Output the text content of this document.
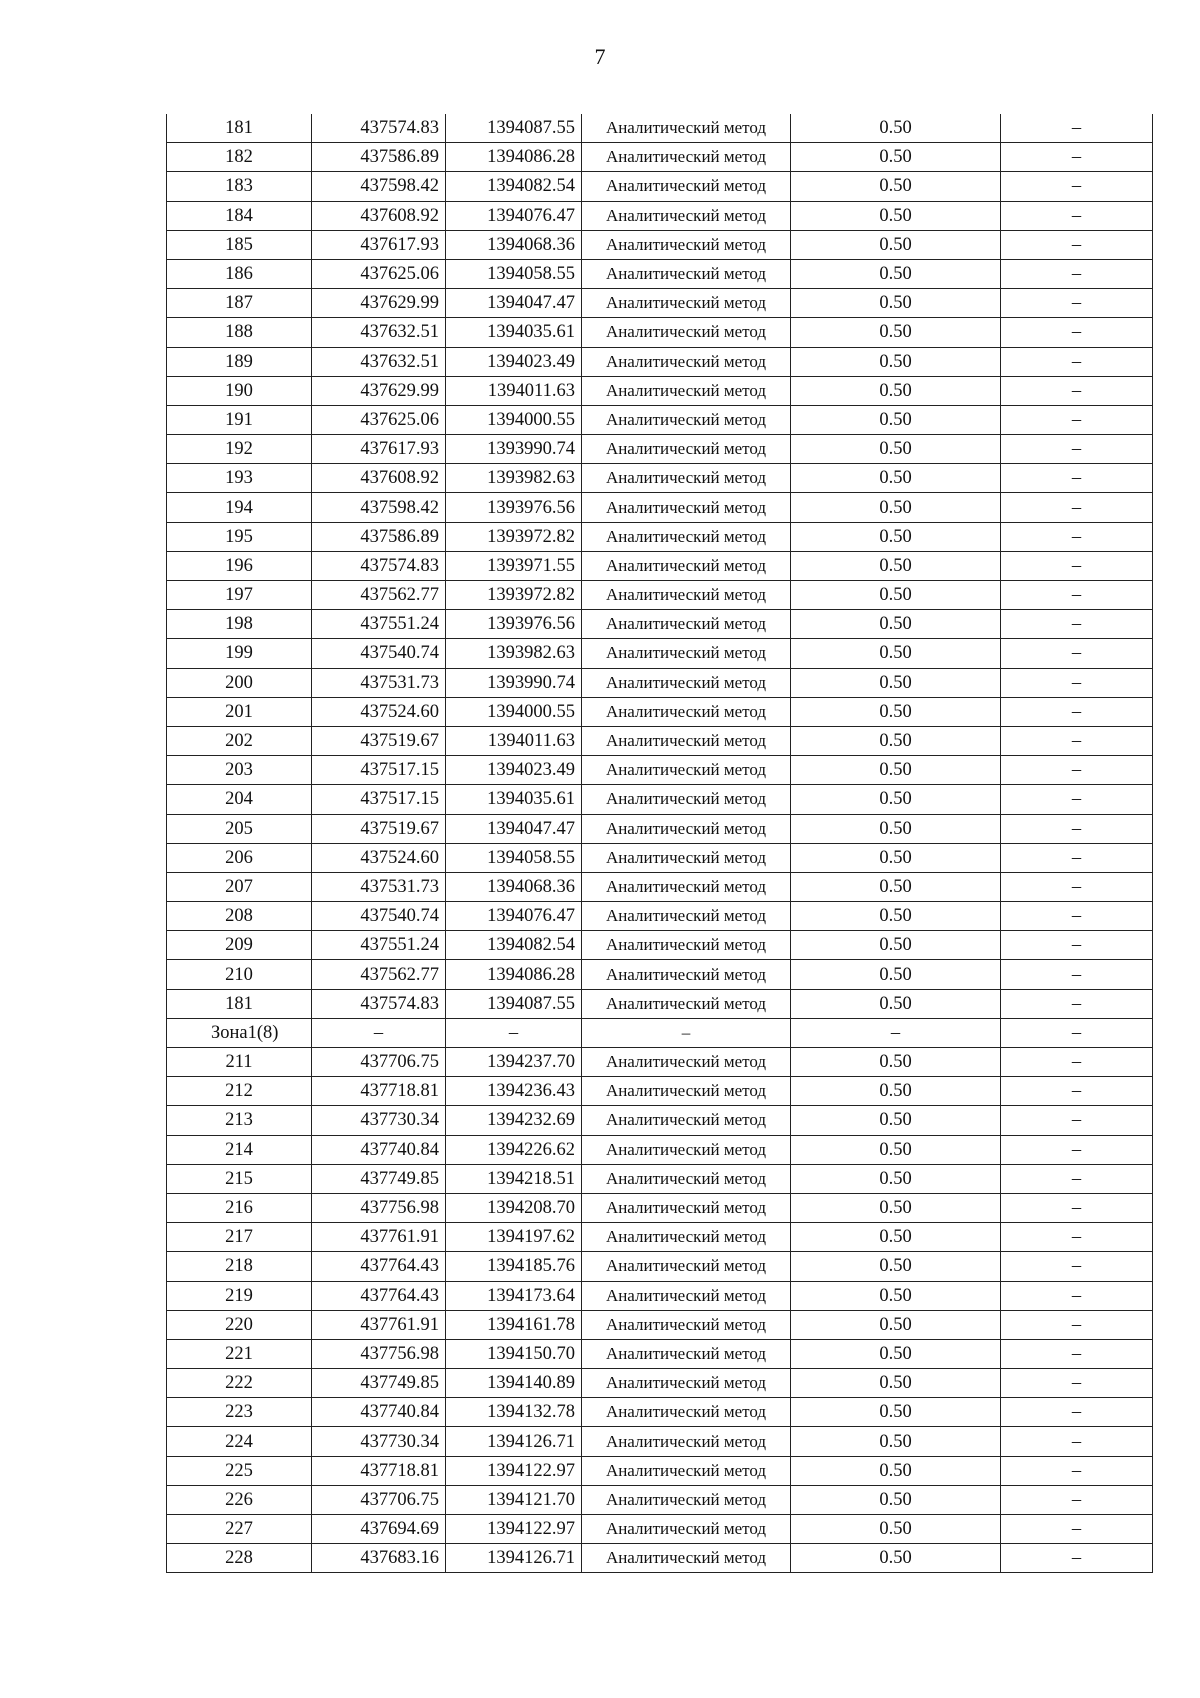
7
181	437574.83	1394087.55	Аналитический метод	0.50	–
182	437586.89	1394086.28	Аналитический метод	0.50	–
183	437598.42	1394082.54	Аналитический метод	0.50	–
184	437608.92	1394076.47	Аналитический метод	0.50	–
185	437617.93	1394068.36	Аналитический метод	0.50	–
186	437625.06	1394058.55	Аналитический метод	0.50	–
187	437629.99	1394047.47	Аналитический метод	0.50	–
188	437632.51	1394035.61	Аналитический метод	0.50	–
189	437632.51	1394023.49	Аналитический метод	0.50	–
190	437629.99	1394011.63	Аналитический метод	0.50	–
191	437625.06	1394000.55	Аналитический метод	0.50	–
192	437617.93	1393990.74	Аналитический метод	0.50	–
193	437608.92	1393982.63	Аналитический метод	0.50	–
194	437598.42	1393976.56	Аналитический метод	0.50	–
195	437586.89	1393972.82	Аналитический метод	0.50	–
196	437574.83	1393971.55	Аналитический метод	0.50	–
197	437562.77	1393972.82	Аналитический метод	0.50	–
198	437551.24	1393976.56	Аналитический метод	0.50	–
199	437540.74	1393982.63	Аналитический метод	0.50	–
200	437531.73	1393990.74	Аналитический метод	0.50	–
201	437524.60	1394000.55	Аналитический метод	0.50	–
202	437519.67	1394011.63	Аналитический метод	0.50	–
203	437517.15	1394023.49	Аналитический метод	0.50	–
204	437517.15	1394035.61	Аналитический метод	0.50	–
205	437519.67	1394047.47	Аналитический метод	0.50	–
206	437524.60	1394058.55	Аналитический метод	0.50	–
207	437531.73	1394068.36	Аналитический метод	0.50	–
208	437540.74	1394076.47	Аналитический метод	0.50	–
209	437551.24	1394082.54	Аналитический метод	0.50	–
210	437562.77	1394086.28	Аналитический метод	0.50	–
181	437574.83	1394087.55	Аналитический метод	0.50	–
Зона1(8)	–	–	–	–	–
211	437706.75	1394237.70	Аналитический метод	0.50	–
212	437718.81	1394236.43	Аналитический метод	0.50	–
213	437730.34	1394232.69	Аналитический метод	0.50	–
214	437740.84	1394226.62	Аналитический метод	0.50	–
215	437749.85	1394218.51	Аналитический метод	0.50	–
216	437756.98	1394208.70	Аналитический метод	0.50	–
217	437761.91	1394197.62	Аналитический метод	0.50	–
218	437764.43	1394185.76	Аналитический метод	0.50	–
219	437764.43	1394173.64	Аналитический метод	0.50	–
220	437761.91	1394161.78	Аналитический метод	0.50	–
221	437756.98	1394150.70	Аналитический метод	0.50	–
222	437749.85	1394140.89	Аналитический метод	0.50	–
223	437740.84	1394132.78	Аналитический метод	0.50	–
224	437730.34	1394126.71	Аналитический метод	0.50	–
225	437718.81	1394122.97	Аналитический метод	0.50	–
226	437706.75	1394121.70	Аналитический метод	0.50	–
227	437694.69	1394122.97	Аналитический метод	0.50	–
228	437683.16	1394126.71	Аналитический метод	0.50	–
